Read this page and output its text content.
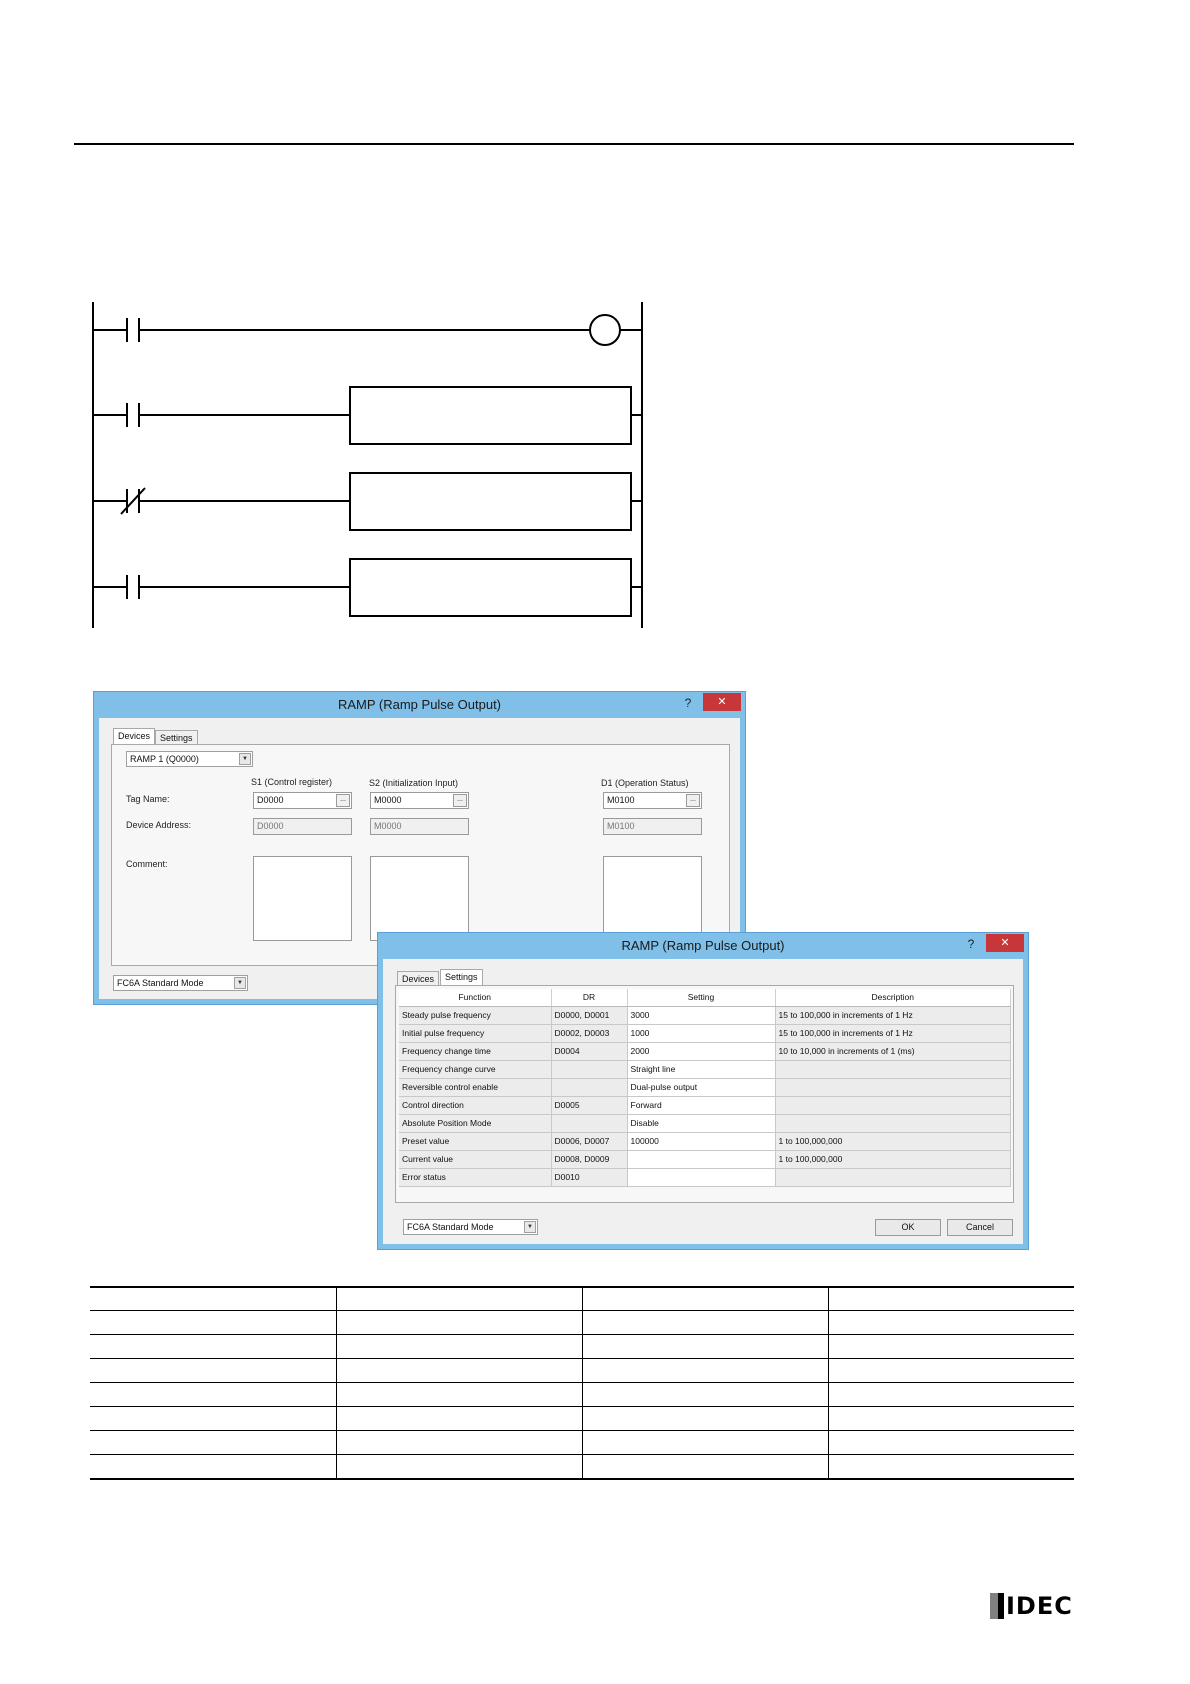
RAMP (Ramp Pulse Output)	?	✕
Devices	Settings
RAMP 1 (Q0000)	▼
S1 (Control register)	S2 (Initialization Input)	D1 (Operation Status)
Tag Name:	D0000	...	M0000	...	M0100	...
Device Address:	D0000	M0000	M0100
Comment:
FC6A Standard Mode	▼
RAMP (Ramp Pulse Output)	?	✕
Devices	Settings
Function	DR	Setting	Description
Steady pulse frequency	D0000, D0001	3000	15 to 100,000 in increments of 1 Hz
Initial pulse frequency	D0002, D0003	1000	15 to 100,000 in increments of 1 Hz
Frequency change time	D0004	2000	10 to 10,000 in increments of 1 (ms)
Frequency change curve		Straight line	
Reversible control enable		Dual-pulse output	
Control direction	D0005	Forward	
Absolute Position Mode		Disable	
Preset value	D0006, D0007	100000	1 to 100,000,000
Current value	D0008, D0009		1 to 100,000,000
Error status	D0010		
FC6A Standard Mode	▼	OK	Cancel
IDEC
